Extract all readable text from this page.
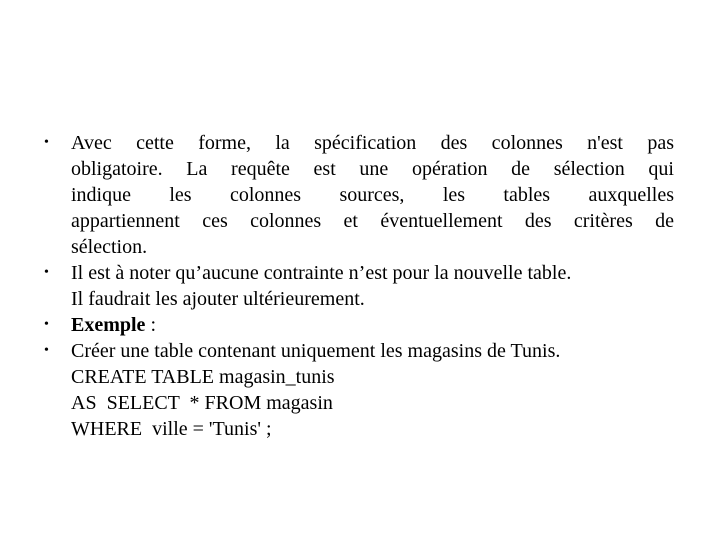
•	Avec cette forme, la spécification des colonnes n'est pas
obligatoire. La requête est une opération de sélection qui
indique les colonnes sources, les tables auxquelles
appartiennent ces colonnes et éventuellement des critères de
sélection.
•	Il est à noter qu’aucune contrainte n’est pour la nouvelle table.
Il faudrait les ajouter ultérieurement.
•	Exemple :
•	Créer une table contenant uniquement les magasins de Tunis.
CREATE TABLE magasin_tunis
AS  SELECT  * FROM magasin
WHERE  ville = 'Tunis' ;
